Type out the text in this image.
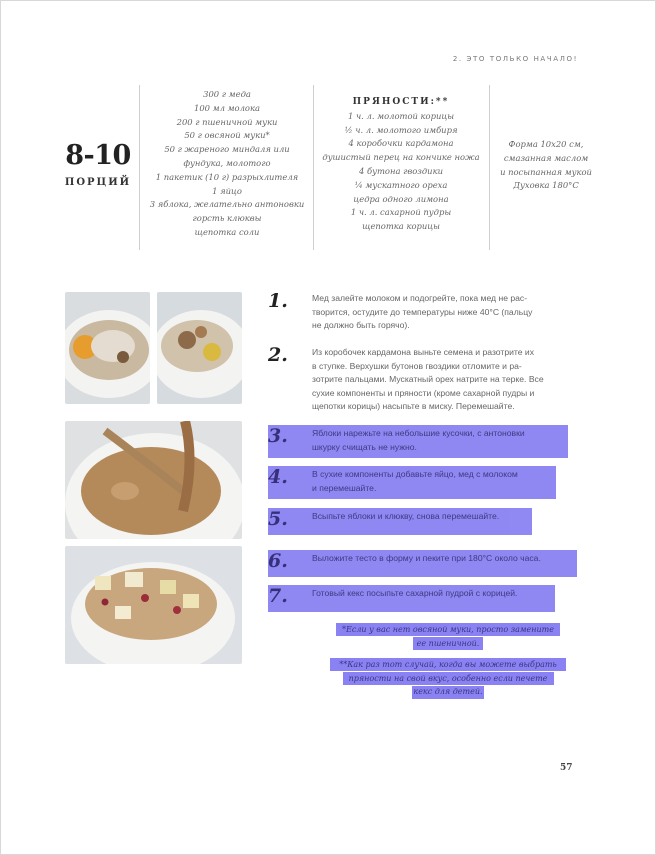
2. ЭТО ТОЛЬКО НАЧАЛО!
8-10
ПОРЦИЙ
300 г меда
100 мл молока
200 г пшеничной муки
50 г овсяной муки*
50 г жареного миндаля или
фундука, молотого
1 пакетик (10 г) разрыхлителя
1 яйцо
3 яблока, желательно антоновки
горсть клюквы
щепотка соли
ПРЯНОСТИ:**
1 ч. л. молотой корицы
½ ч. л. молотого имбиря
4 коробочки кардамона
душистый перец на кончике ножа
4 бутона гвоздики
¼ мускатного ореха
цедра одного лимона
1 ч. л. сахарной пудры
щепотка корицы
Форма 10х20 см,
смазанная маслом
и посыпанная мукой
Духовка 180°С
1.	Мед залейте молоком и подогрейте, пока мед не рас-
творится, остудите до температуры ниже 40°С (пальцу
не должно быть горячо).
2.	Из коробочек кардамона выньте семена и разотрите их
в ступке. Верхушки бутонов гвоздики отломите и ра-
зотрите пальцами. Мускатный орех натрите на терке. Все
сухие компоненты и пряности (кроме сахарной пудры и
щепотки корицы) насыпьте в миску. Перемешайте.
3.	Яблоки нарежьте на небольшие кусочки, с антоновки
шкурку счищать не нужно.
4.	В сухие компоненты добавьте яйцо, мед с молоком
и перемешайте.
5.	Всыпьте яблоки и клюкву, снова перемешайте.
6.	Выложите тесто в форму и пеките при 180°С около часа.
7.	Готовый кекс посыпьте сахарной пудрой с корицей.
*Если у вас нет овсяной муки, просто замените
ее пшеничной.
**Как раз тот случай, когда вы можете выбрать
пряности на свой вкус, особенно если печете
кекс для детей.
57
